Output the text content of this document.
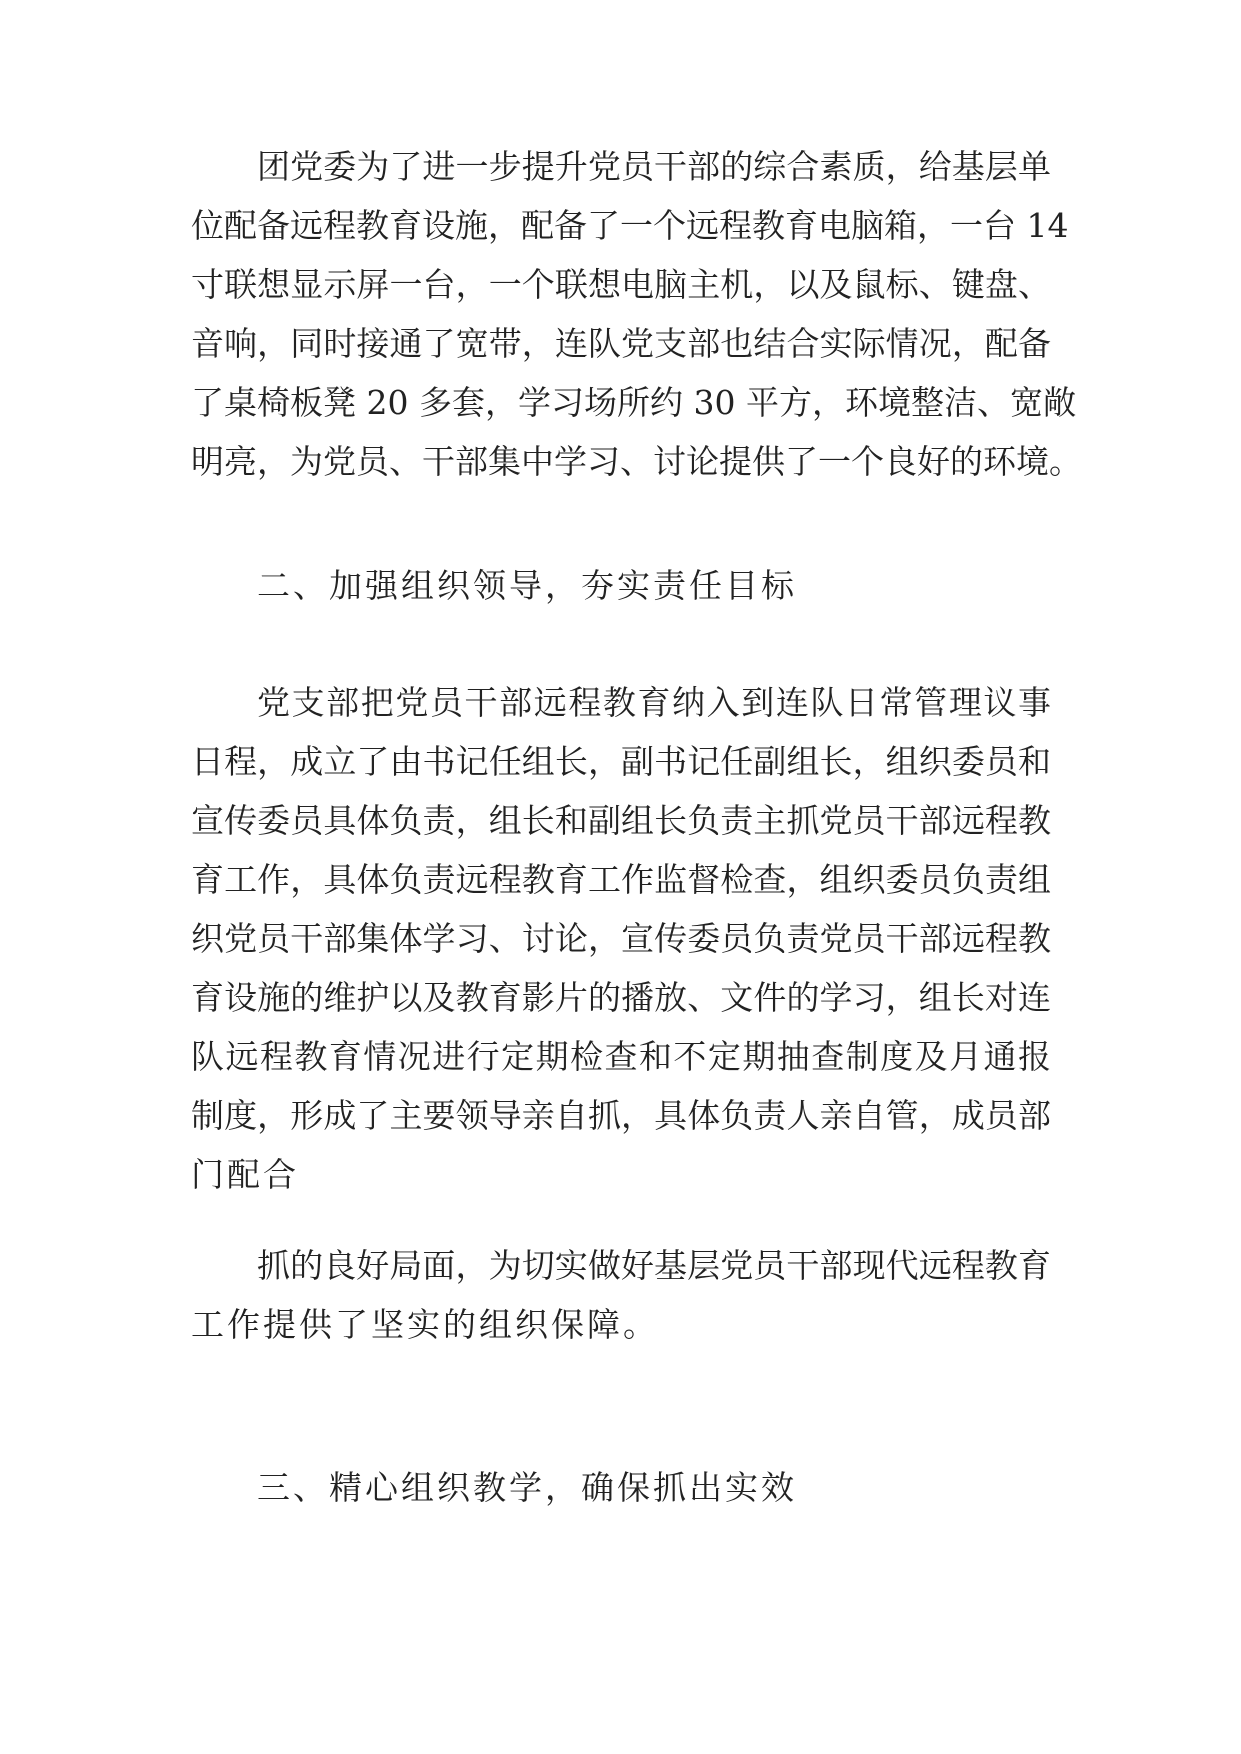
团党委为了进一步提升党员干部的综合素质，给基层单
位配备远程教育设施，配备了一个远程教育电脑箱，一台 14
寸联想显示屏一台，一个联想电脑主机，以及鼠标、键盘、
音响，同时接通了宽带，连队党支部也结合实际情况，配备
了桌椅板凳 20 多套，学习场所约 30 平方，环境整洁、宽敞
明亮，为党员、干部集中学习、讨论提供了一个良好的环境。
二、加强组织领导，夯实责任目标
党支部把党员干部远程教育纳入到连队日常管理议事
日程，成立了由书记任组长，副书记任副组长，组织委员和
宣传委员具体负责，组长和副组长负责主抓党员干部远程教
育工作，具体负责远程教育工作监督检查，组织委员负责组
织党员干部集体学习、讨论，宣传委员负责党员干部远程教
育设施的维护以及教育影片的播放、文件的学习，组长对连
队远程教育情况进行定期检查和不定期抽查制度及月通报
制度，形成了主要领导亲自抓，具体负责人亲自管，成员部
门配合
抓的良好局面，为切实做好基层党员干部现代远程教育
工作提供了坚实的组织保障。
三、精心组织教学，确保抓出实效
